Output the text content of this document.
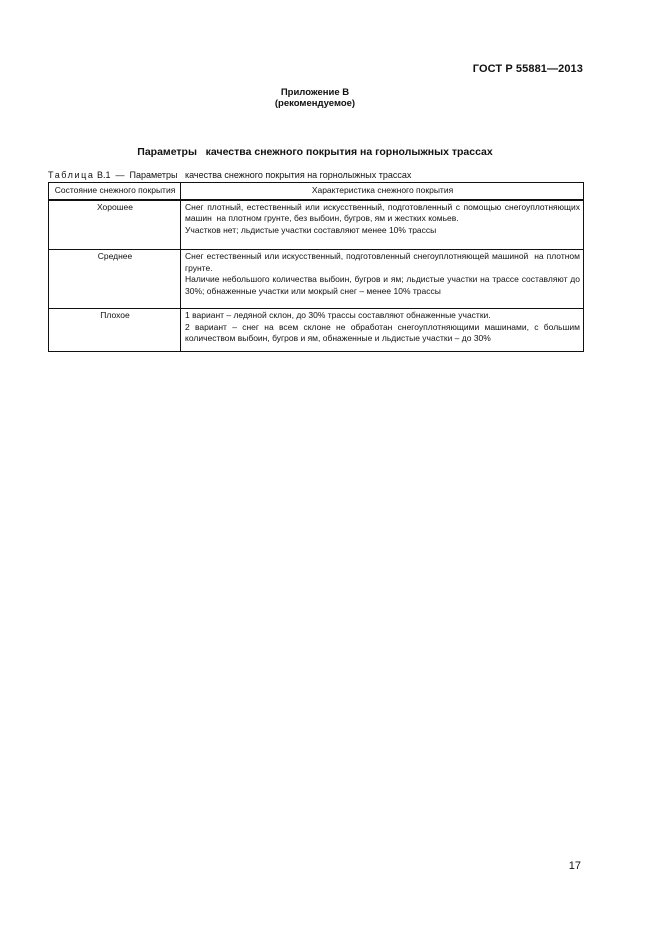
ГОСТ Р 55881—2013
Приложение В
(рекомендуемое)
Параметры   качества снежного покрытия на горнолыжных трассах
Таблица В.1  —  Параметры   качества снежного покрытия на горнолыжных трассах
Состояние снежного покрытия	Характеристика снежного покрытия
Хорошее	Снег плотный, естественный или искусственный, подготовленный с помощью снегоуплотняющих машин  на плотном грунте, без выбоин, бугров, ям и жестких комьев.
Участков нет; льдистые участки составляют менее 10% трассы

Среднее	Снег естественный или искусственный, подготовленный снегоуплотняющей машиной  на плотном грунте.
Наличие небольшого количества выбоин, бугров и ям; льдистые участки на трассе составляют до 30%; обнаженные участки или мокрый снег – менее 10% трассы

Плохое	1 вариант – ледяной склон, до 30% трассы составляют обнаженные участки.
2 вариант – снег на всем склоне не обработан снегоуплотняющими машинами, с большим количеством выбоин, бугров и ям, обнаженные и льдистые участки – до 30%
17
